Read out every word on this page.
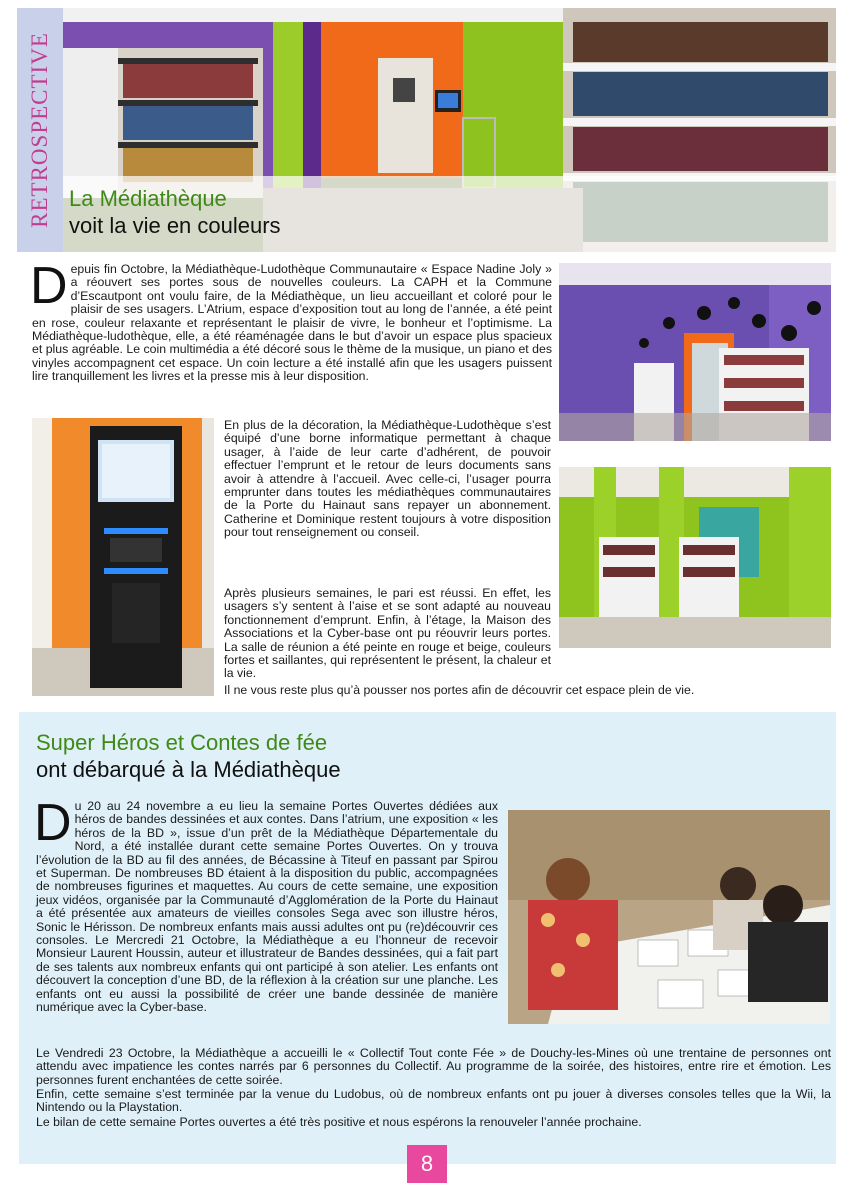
RETROSPECTIVE La Médiathèque
voit la vie en couleurs
D epuis fin Octobre, la Médiathèque-Ludothèque Communautaire « Espace Nadine Joly » a réouvert ses portes sous de nouvelles couleurs. La CAPH et la Commune d’Escautpont ont voulu faire, de la Médiathèque, un lieu accueillant et coloré pour le plaisir de ses usagers. L’Atrium, espace d’exposition tout au long de l’année, a été peint en rose, couleur relaxante et représentant le plaisir de vivre, le bonheur et l’optimisme. La Médiathèque-ludothèque, elle, a été réaménagée dans le but d’avoir un espace plus spacieux et plus agréable. Le coin multimédia a été décoré sous le thème de la musique, un piano et des vinyles accompagnent cet espace. Un coin lecture a été installé afin que les usagers puissent lire tranquillement les livres et la presse mis à leur disposition.

En plus de la décoration, la Médiathèque-Ludothèque s’est équipé d’une borne informatique permettant à chaque usager, à l’aide de leur carte d’adhérent, de pouvoir effectuer l’emprunt et le retour de leurs documents sans avoir à attendre à l’accueil. Avec celle-ci, l’usager pourra emprunter dans toutes les médiathèques communautaires de la Porte du Hainaut sans repayer un abonnement. Catherine et Dominique restent toujours à votre disposition pour tout renseignement ou conseil.

Après plusieurs semaines, le pari est réussi. En effet, les usagers s’y sentent à l’aise et se sont adapté au nouveau fonctionnement d’emprunt. Enfin, à l’étage, la Maison des Associations et la Cyber-base ont pu réouvrir leurs portes. La salle de réunion a été peinte en rouge et beige, couleurs fortes et saillantes, qui représentent le présent, la chaleur et la vie.

Il ne vous reste plus qu’à pousser nos portes afin de découvrir cet espace plein de vie.

Super Héros et Contes de fée
ont débarqué à la Médiathèque
D u 20 au 24 novembre a eu lieu la semaine Portes Ouvertes dédiées aux héros de bandes dessinées et aux contes. Dans l’atrium, une exposition « les héros de la BD », issue d’un prêt de la Médiathèque Départementale du Nord, a été installée durant cette semaine Portes Ouvertes. On y trouva l’évolution de la BD au fil des années, de Bécassine à Titeuf en passant par Spirou et Superman. De nombreuses BD étaient à la disposition du public, accompagnées de nombreuses figurines et maquettes. Au cours de cette semaine, une exposition jeux vidéos, organisée par la Communauté d’Agglomération de la Porte du Hainaut a été présentée aux amateurs de vieilles consoles Sega avec son illustre héros, Sonic le Hérisson. De nombreux enfants mais aussi adultes ont pu (re)découvrir ces consoles. Le Mercredi 21 Octobre, la Médiathèque a eu l’honneur de recevoir Monsieur Laurent Houssin, auteur et illustrateur de Bandes dessinées, qui a fait part de ses talents aux nombreux enfants qui ont participé à son atelier. Les enfants ont découvert la conception d’une BD, de la réflexion à la création sur une planche. Les enfants ont eu aussi la possibilité de créer une bande dessinée de manière numérique avec la Cyber-base.

Le Vendredi 23 Octobre, la Médiathèque a accueilli le « Collectif Tout conte Fée » de Douchy-les-Mines où une trentaine de personnes ont attendu avec impatience les contes narrés par 6 personnes du Collectif. Au programme de la soirée, des histoires, entre rire et émotion. Les personnes furent enchantées de cette soirée.

Enfin, cette semaine s’est terminée par la venue du Ludobus, où de nombreux enfants ont pu jouer à diverses consoles telles que la Wii, la Nintendo ou la Playstation.

Le bilan de cette semaine Portes ouvertes a été très positive et nous espérons la renouveler l’année prochaine.

8
